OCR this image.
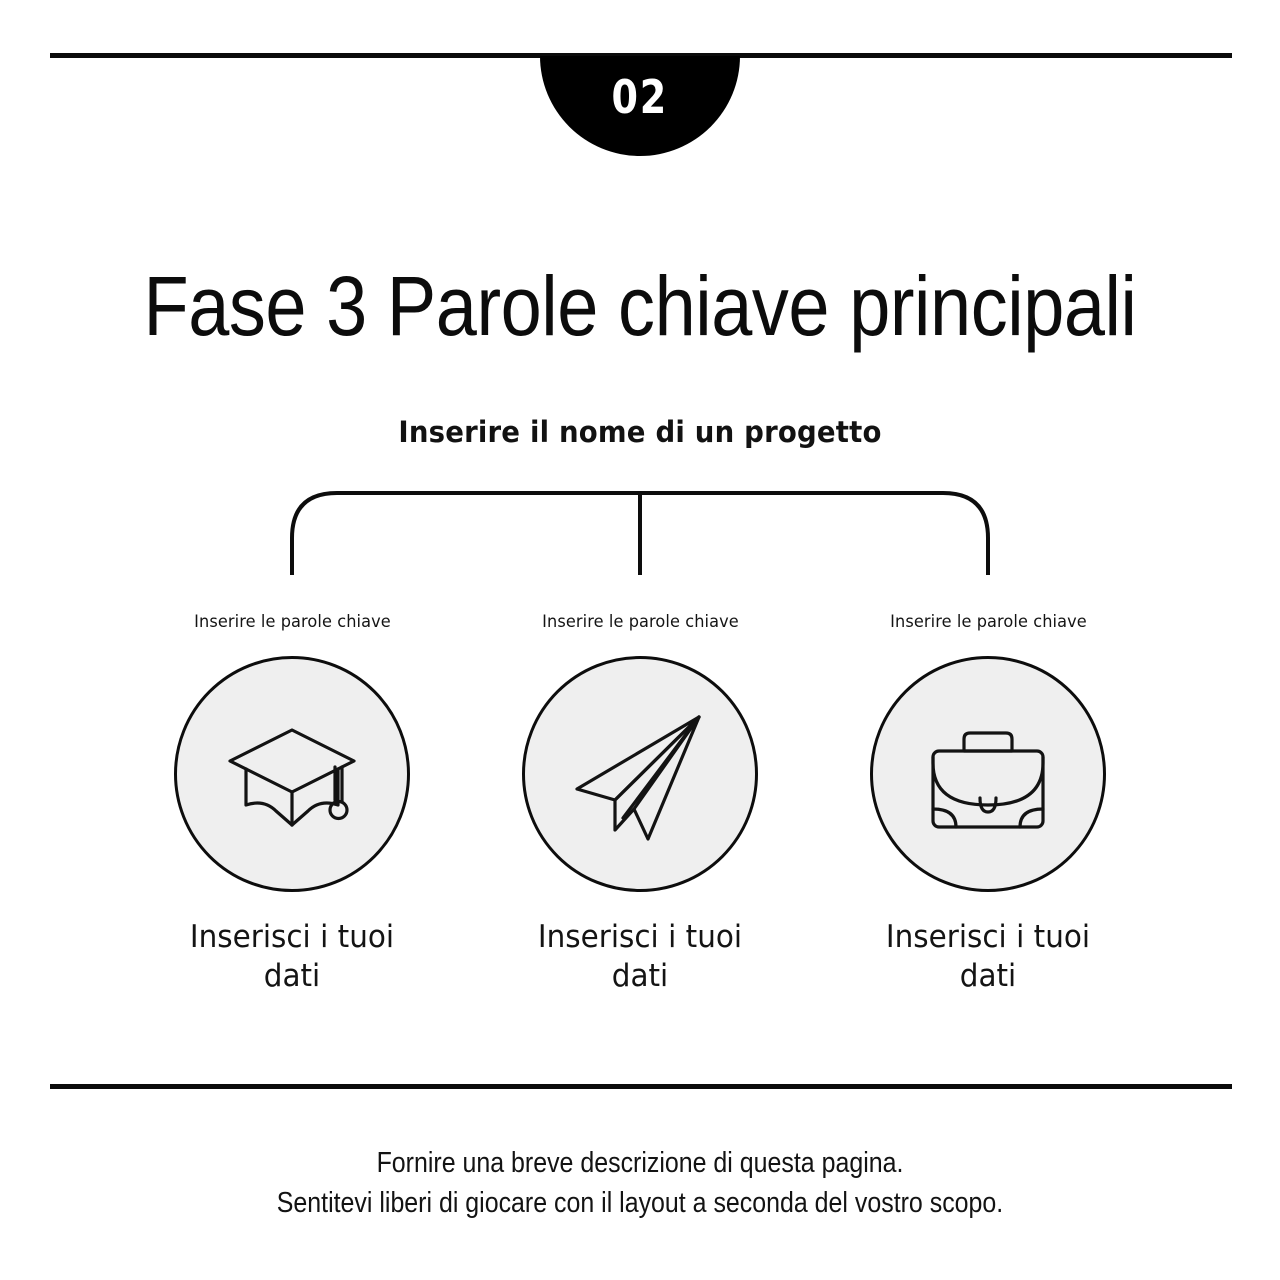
02
Fase 3 Parole chiave principali
Inserire il nome di un progetto
Inserire le parole chiave
Inserisci i tuoi dati
Inserire le parole chiave
Inserisci i tuoi dati
Inserire le parole chiave
Inserisci i tuoi dati
Fornire una breve descrizione di questa pagina.
Sentitevi liberi di giocare con il layout a seconda del vostro scopo.
